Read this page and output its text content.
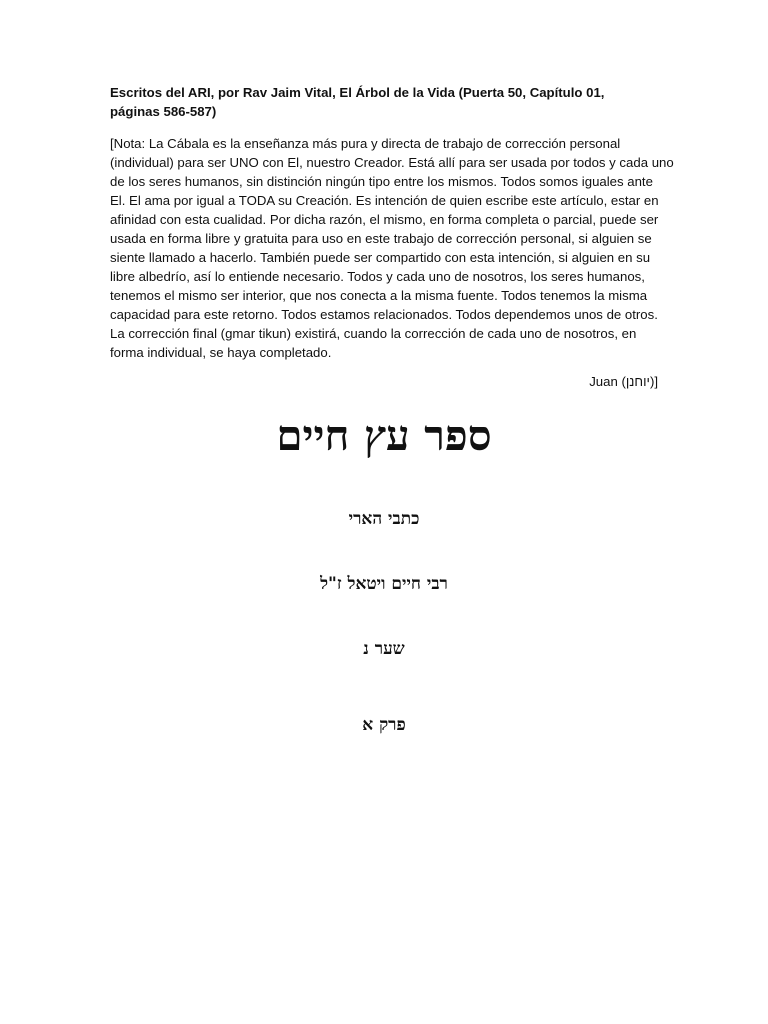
Escritos del ARI, por Rav Jaim Vital, El Árbol de la Vida (Puerta 50, Capítulo 01, páginas 586-587)
[Nota: La Cábala es la enseñanza más pura y directa de trabajo de corrección personal
(individual) para ser UNO con El, nuestro Creador. Está allí para ser usada por todos y cada uno
de los seres humanos, sin distinción ningún tipo entre los mismos. Todos somos iguales ante
El. El ama por igual a TODA su Creación. Es intención de quien escribe este artículo, estar en
afinidad con esta cualidad. Por dicha razón, el mismo, en forma completa o parcial, puede ser
usada en forma libre y gratuita para uso en este trabajo de corrección personal, si alguien se
siente llamado a hacerlo. También puede ser compartido con esta intención, si alguien en su
libre albedrío, así lo entiende necesario. Todos y cada uno de nosotros, los seres humanos,
tenemos el mismo ser interior, que nos conecta a la misma fuente. Todos tenemos la misma
capacidad para este retorno. Todos estamos relacionados. Todos dependemos unos de otros.
La corrección final (gmar tikun) existirá, cuando la corrección de cada uno de nosotros, en
forma individual, se haya completado.
Juan (יוחנן)]
ספר עץ חיים
כתבי הארי
רבי חיים ויטאל ז"ל
שער נ
פרק א
